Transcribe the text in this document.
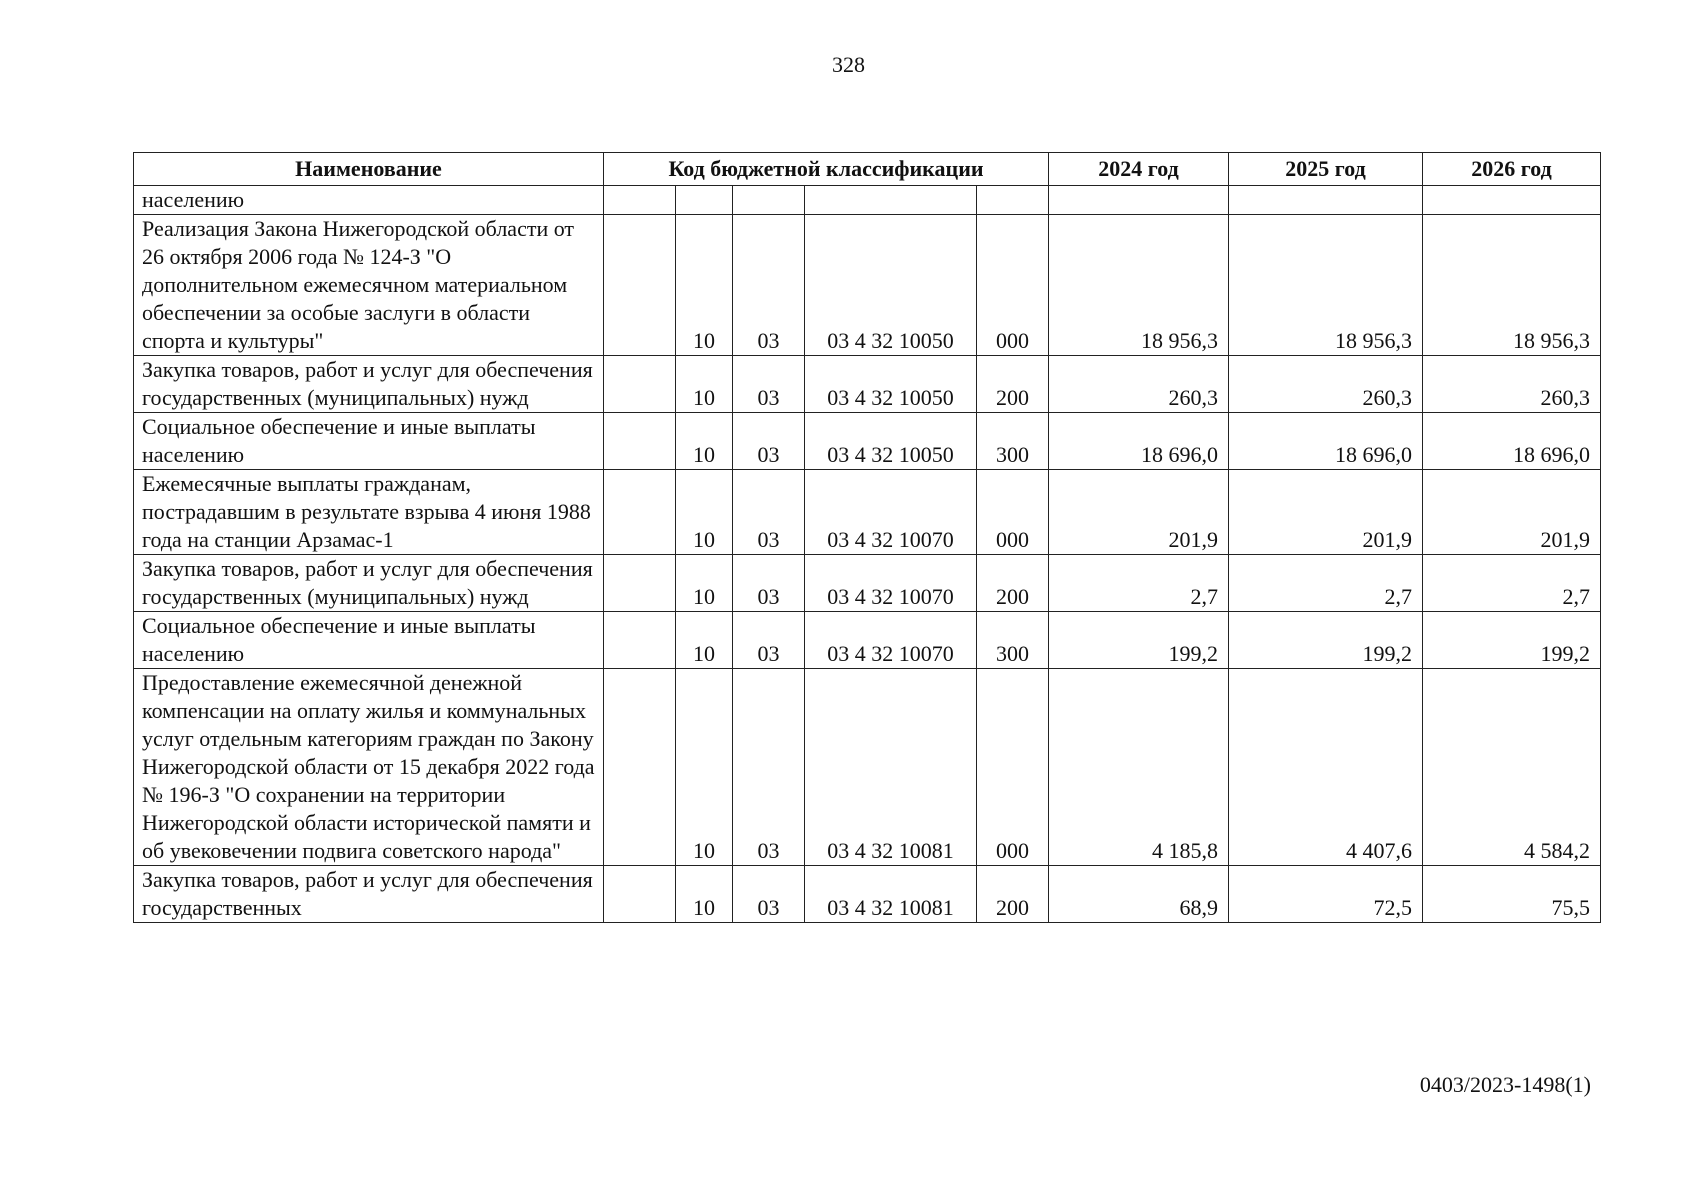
328
Наименование	Код бюджетной классификации					2024 год	2025 год	2026 год
населению								
Реализация Закона Нижегородской области от 26 октября 2006 года № 124-З "О дополнительном ежемесячном материальном обеспечении за особые заслуги в области спорта и культуры"		10	03	03 4 32 10050	000	18 956,3	18 956,3	18 956,3
Закупка товаров, работ и услуг для обеспечения государственных (муниципальных) нужд		10	03	03 4 32 10050	200	260,3	260,3	260,3
Социальное обеспечение и иные выплаты населению		10	03	03 4 32 10050	300	18 696,0	18 696,0	18 696,0
Ежемесячные выплаты гражданам, пострадавшим в результате взрыва 4 июня 1988 года на станции Арзамас-1		10	03	03 4 32 10070	000	201,9	201,9	201,9
Закупка товаров, работ и услуг для обеспечения государственных (муниципальных) нужд		10	03	03 4 32 10070	200	2,7	2,7	2,7
Социальное обеспечение и иные выплаты населению		10	03	03 4 32 10070	300	199,2	199,2	199,2
Предоставление ежемесячной денежной компенсации на оплату жилья и коммунальных услуг отдельным категориям граждан по Закону Нижегородской области от 15 декабря 2022 года № 196-З "О сохранении на территории Нижегородской области исторической памяти и об увековечении подвига советского народа"		10	03	03 4 32 10081	000	4 185,8	4 407,6	4 584,2
Закупка товаров, работ и услуг для обеспечения государственных		10	03	03 4 32 10081	200	68,9	72,5	75,5
0403/2023-1498(1)
